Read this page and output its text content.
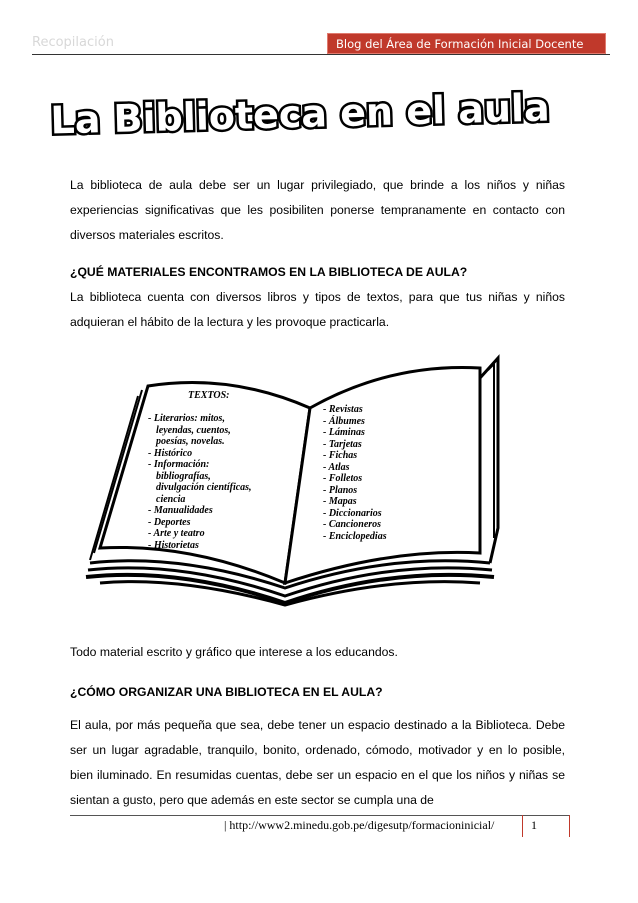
Recopilación	Blog del Área de Formación Inicial Docente
La Biblioteca en el aula

La biblioteca de aula debe ser un lugar privilegiado, que brinde a los niños y niñas experiencias significativas que les posibiliten ponerse tempranamente en contacto con diversos materiales escritos.

¿QUÉ MATERIALES ENCONTRAMOS EN LA BIBLIOTECA DE AULA?

La biblioteca cuenta con diversos libros y tipos de textos, para que tus niñas y niños adquieran el hábito de la lectura y les provoque practicarla.

TEXTOS:
- Literarios: mitos,
leyendas, cuentos,
poesías, novelas.
- Histórico
- Información:
bibliografías,
divulgación científicas,
ciencia
- Manualidades
- Deportes
- Arte y teatro
- Historietas
- Revistas
- Álbumes
- Láminas
- Tarjetas
- Fichas
- Atlas
- Folletos
- Planos
- Mapas
- Diccionarios
- Cancioneros
- Enciclopedias

Todo material escrito y gráfico que interese a los educandos.

¿CÓMO ORGANIZAR UNA BIBLIOTECA EN EL AULA?

El aula, por más pequeña que sea, debe tener un espacio destinado a la Biblioteca. Debe ser un lugar agradable, tranquilo, bonito, ordenado, cómodo, motivador y en lo posible, bien iluminado. En resumidas cuentas, debe ser un espacio en el que los niños y niñas se sientan a gusto, pero que además en este sector se cumpla una de

| http://www2.minedu.gob.pe/digesutp/formacioninicial/	1
